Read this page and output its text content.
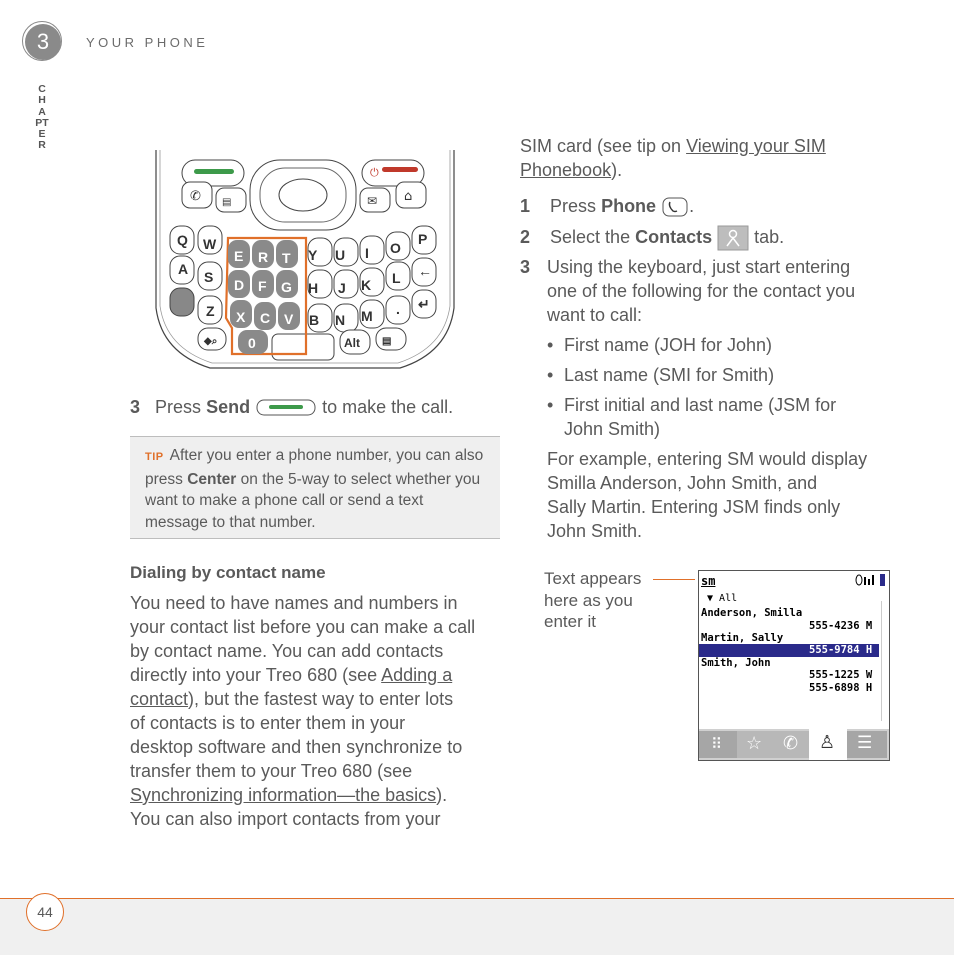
3	YOUR PHONE
CHAPTER
⏻
✆ ▤	✉ ⌂
Q W
Y U I O
P
A S
H J K L ←
Z
B N M . ↵
◆⌕	Alt ▤
E R T
D F G
X C V
0
3 Press Send	to make the call.
TIP After you enter a phone number, you can also press Center on the 5-way to select whether you want to make a phone call or send a text message to that number.
Dialing by contact name
You need to have names and numbers in
your contact list before you can make a call
by contact name. You can add contacts
directly into your Treo 680 (see Adding a
contact), but the fastest way to enter lots
of contacts is to enter them in your
desktop software and then synchronize to
transfer them to your Treo 680 (see
Synchronizing information—the basics).
You can also import contacts from your
SIM card (see tip on Viewing your SIM
Phonebook).
1 Press Phone .
2 Select the Contacts tab.
3 Using the keyboard, just start entering
one of the following for the contact you
want to call:
• First name (JOH for John)
• Last name (SMI for Smith)
• First initial and last name (JSM for
John Smith)
For example, entering SM would display
Smilla Anderson, John Smith, and
Sally Martin. Entering JSM finds only
John Smith.
Text appears
here as you
enter it
sm
▼ All
Anderson, Smilla
555-4236 M
Martin, Sally
555-9784 H
Smith, John
555-1225 W
555-6898 H
⠿ ☆ ✆ ♙ ☰
44
